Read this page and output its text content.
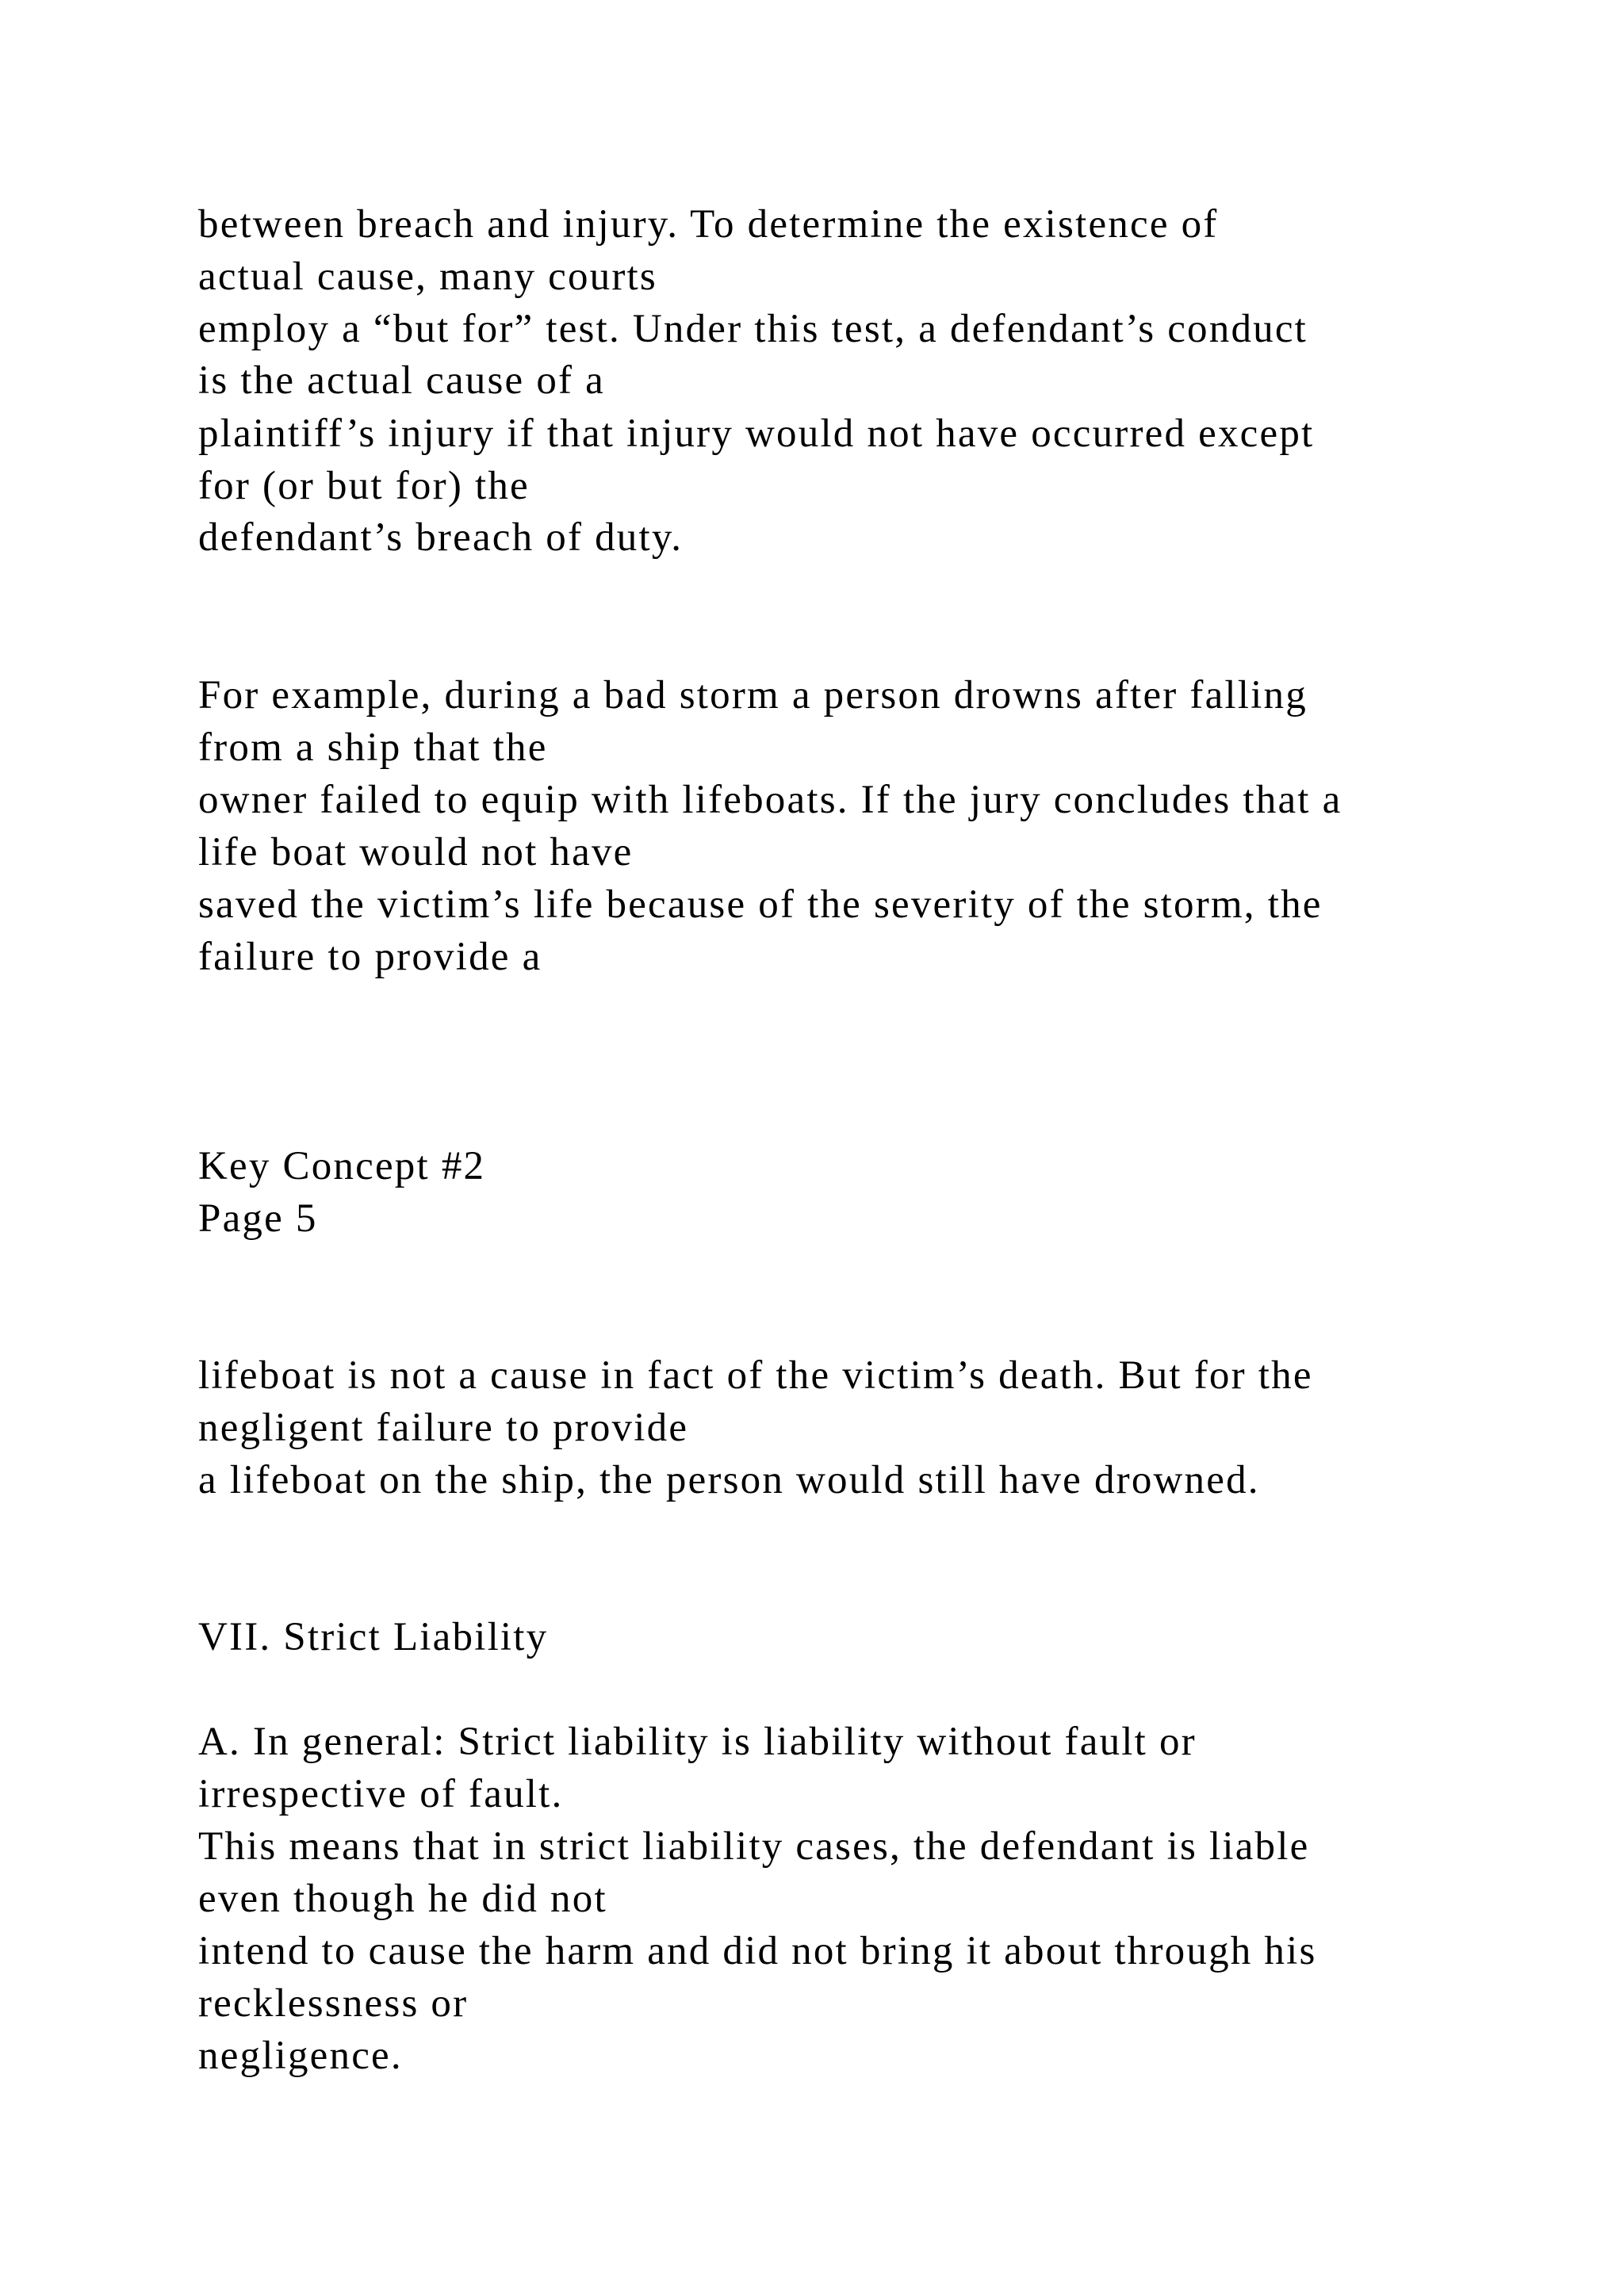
between breach and injury. To determine the existence of
actual cause, many courts
employ a “but for” test. Under this test, a defendant’s conduct
is the actual cause of a
plaintiff’s injury if that injury would not have occurred except
for (or but for) the
defendant’s breach of duty.
For example, during a bad storm a person drowns after falling
from a ship that the
owner failed to equip with lifeboats. If the jury concludes that a
life boat would not have
saved the victim’s life because of the severity of the storm, the
failure to provide a
Key Concept #2
Page 5
lifeboat is not a cause in fact of the victim’s death. But for the
negligent failure to provide
a lifeboat on the ship, the person would still have drowned.
VII. Strict Liability
A. In general: Strict liability is liability without fault or
irrespective of fault.
This means that in strict liability cases, the defendant is liable
even though he did not
intend to cause the harm and did not bring it about through his
recklessness or
negligence.
